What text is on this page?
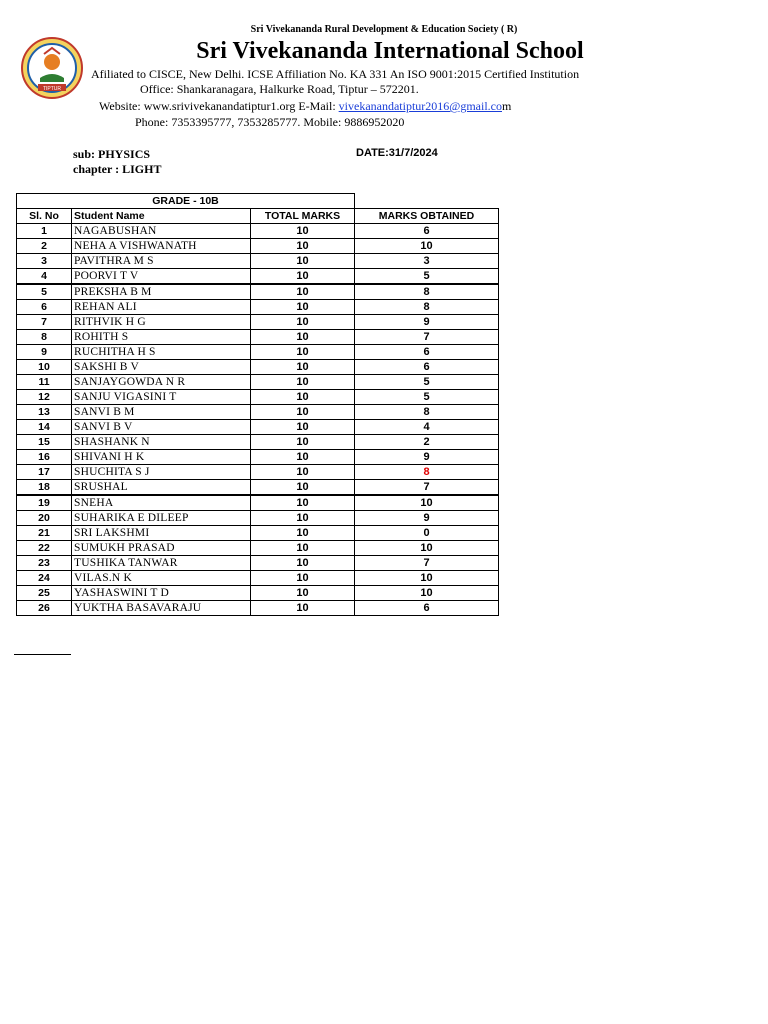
Sri Vivekananda Rural Development & Education Society ( R)
TIPTUR
Sri Vivekananda International School
Afiliated to CISCE, New Delhi. ICSE Affiliation No. KA 331 An ISO 9001:2015 Certified Institution
Office: Shankaranagara, Halkurke Road, Tiptur – 572201.
Website: www.srivivekanandatiptur1.org E-Mail: vivekanandatiptur2016@gmail.com
Phone: 7353395777, 7353285777. Mobile: 9886952020
sub: PHYSICS
chapter : LIGHT
DATE:31/7/2024
GRADE - 10B			
Sl. No	Student Name	TOTAL MARKS	MARKS OBTAINED
1	NAGABUSHAN	10	6
2	NEHA A VISHWANATH	10	10
3	PAVITHRA M S	10	3
4	POORVI T V	10	5
5	PREKSHA B M	10	8
6	REHAN ALI	10	8
7	RITHVIK H G	10	9
8	ROHITH S	10	7
9	RUCHITHA H S	10	6
10	SAKSHI B V	10	6
11	SANJAYGOWDA N R	10	5
12	SANJU VIGASINI T	10	5
13	SANVI B M	10	8
14	SANVI B V	10	4
15	SHASHANK N	10	2
16	SHIVANI H K	10	9
17	SHUCHITA S J	10	8
18	SRUSHAL	10	7
19	SNEHA	10	10
20	SUHARIKA E DILEEP	10	9
21	SRI LAKSHMI	10	0
22	SUMUKH PRASAD	10	10
23	TUSHIKA TANWAR	10	7
24	VILAS.N K	10	10
25	YASHASWINI T D	10	10
26	YUKTHA BASAVARAJU	10	6
